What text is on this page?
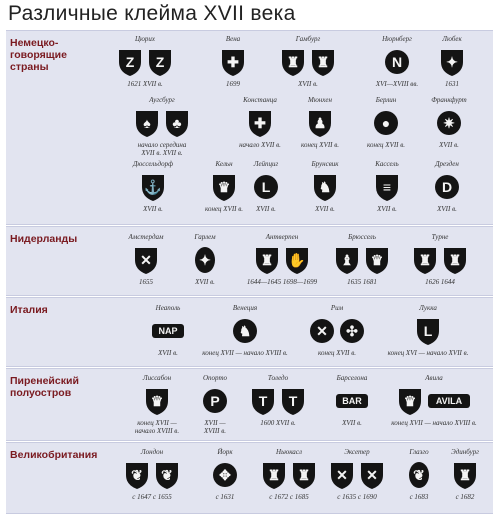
Различные клейма XVII века
Немецко-
говорящие
страны
Нидерланды
Италия
Пиренейский
полуостров
Великобритания
Цюрих
Z Z
1621 XVII в.
Вена
✚
1699
Гамбург
♜ ♜
XVII в.
Нюрнберг
N
XVI—XVIII вв.
Любек
✦
1631
Аугсбург
♠ ♣
начало середина
XVII в. XVII в.
Констанца
✚
начало XVII в.
Мюнхен
♟
конец XVII в.
Берлин
●
конец XVII в.
Франкфурт
✷
XVII в.
Дюссельдорф
⚓
XVII в.
Кельн
♛
конец XVII в.
Лейпциг
L
XVII в.
Брунсвик
♞
XVII в.
Кассель
≡
XVII в.
Дрезден
D
XVII в.
Амстердам
✕
1655
Гарлем
✦
XVII в.
Антверпен
♜ ✋
1644—1645 1698—1699
Брюссель
♝ ♛
1635 1681
Турне
♜ ♜
1626 1644
Неаполь
NAP
XVII в.
Венеция
♞
конец XVII — начало XVIII в.
Рим
✕ ✣
конец XVII в.
Лукка
L
конец XVI — начало XVII в.
Лиссабон
♛
конец XVII —
начало XVIII в.
Опорто
P
XVII —
XVIII в.
Толедо
T T
1600 XVII в.
Барселона
BAR
XVII в.
Авила
♛ AVILA
конец XVII — начало XVIII в.
Лондон
❦ ❦
с 1647 с 1655
Йорк
✥
с 1631
Ньюкасл
♜ ♜
с 1672 с 1685
Эксетер
✕ ✕
с 1635 с 1690
Глазго
❦
с 1683
Эдинбург
♜
с 1682
